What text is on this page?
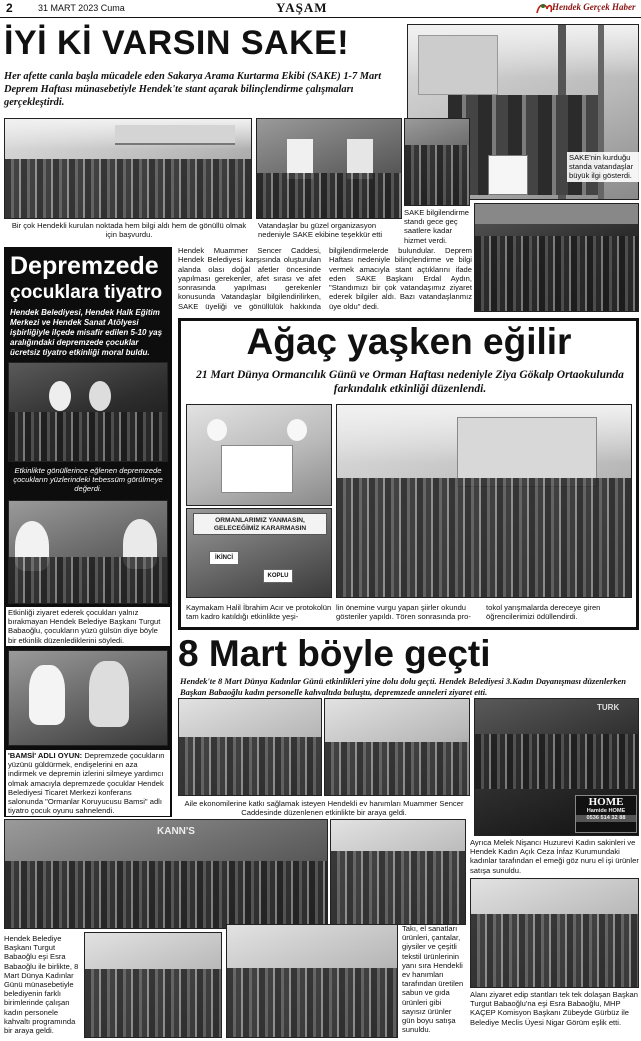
2	31 MART 2023 Cuma	YAŞAM	Hendek Gerçek Haber
İYİ Kİ VARSIN SAKE!
Her afette canla başla mücadele eden Sakarya Arama Kurtarma Ekibi (SAKE) 1-7 Mart Deprem Haftası münasebetiyle Hendek'te stant açarak bilinçlendirme çalışmaları gerçekleştirdi.
SAKE'nin kurduğu standa vatandaşlar büyük ilgi gösterdi.
Bir çok Hendekli kurulan noktada hem bilgi aldı hem de gönüllü olmak için başvurdu.
Vatandaşlar bu güzel organizasyon nedeniyle SAKE ekibine teşekkür etti
SAKE bilgilendirme standı gece geç saatlere kadar hizmet verdi.
Hendek Muammer Sencer Caddesi, Hendek Belediyesi karşısında oluşturulan alanda olası doğal afetler öncesinde yapılması gerekenler, afet sırası ve afet sonrasında yapılması gerekenler konusunda Vatandaşlar bilgilendirilirken, SAKE üyeliği ve gönüllülük hakkında bilgilendirmelerde bulundular. Deprem Haftası nedeniyle bilinçlendirme ve bilgi vermek amacıyla stant açtıklarını ifade eden SAKE Başkanı Erdal Aydın, "Standımızı bir çok vatandaşımız ziyaret ederek bilgiler aldı. Bazı vatandaşlanmız üye oldu" dedi.
Depremzede
çocuklara tiyatro
Hendek Belediyesi, Hendek Halk Eğitim Merkezi ve Hendek Sanat Atölyesi işbirliğiyle ilçede misafir edilen 5-10 yaş aralığındaki depremzede çocuklar ücretsiz tiyatro etkinliği moral buldu.
Etkinlikte gönüllerince eğlenen depremzede çocukların yüzlerindeki tebessüm görülmeye değerdi.
Etkinliği ziyaret ederek çocukları yalnız bırakmayan Hendek Belediye Başkanı Turgut Babaoğlu, çocukların yüzü gülsün diye böyle bir etkinlik düzenlediklerini söyledi.
'BAMSİ' ADLI OYUN: Depremzede çocukların yüzünü güldürmek, endişelerini en aza indirmek ve depremin izlerini silmeye yardımcı olmak amacıyla depremzede çocuklar Hendek Belediyesi Ticaret Merkezi konferans salonunda "Ormanlar Koruyucusu Bamsi" adlı tiyatro çocuk oyunu sahnelendi.
Ağaç yaşken eğilir
21 Mart Dünya Ormancılık Günü ve Orman Haftası nedeniyle Ziya Gökalp Ortaokulunda farkındalık etkinliği düzenlendi.
ORMANLARIMIZ YANMASIN, GELECEĞİMİZ KARARMASIN
İKİNCİ
KOPLU
Kaymakam Halil İbrahim Acır ve protokolün tam kadro katıldığı etkinlikte yeşi-
lin önemine vurgu yapan şiirler okundu gösteriler yapıldı. Tören sonrasında pro-
tokol yarışmalarda dereceye giren öğrencilerimizi ödüllendirdi.
8 Mart böyle geçti
Hendek'te 8 Mart Dünya Kadınlar Günü etkinlikleri yine dolu dolu geçti. Hendek Belediyesi 3.Kadın Dayanışması düzenlerken Başkan Babaoğlu kadın personelle kahvaltıda buluştu, depremzede anneleri ziyaret etti.
Aile ekonomilerine katkı sağlamak isteyen Hendekli ev hanımları Muammer Sencer Caddesinde düzenlenen etkinlikte bir araya geldi.
TURK
HOME
Hamide HOME
0536 514 32 88
Ayrıca Melek Nişancı Huzurevi Kadın sakinleri ve Hendek Kadın Açık Ceza İnfaz Kurumundaki kadınlar tarafından el emeği göz nuru el işi ürünler satışa sunuldu.
KANN'S
Hendek Belediye Başkanı Turgut Babaoğlu eşi Esra Babaoğlu ile birlikte, 8 Mart Dünya Kadınlar Günü münasebetiyle belediyenin farklı birimlerinde çalışan kadın personele kahvaltı programında bir araya geldi.
Takı, el sanatları ürünleri, çantalar, giysiler ve çeşitli tekstil ürünlerinin yanı sıra Hendekli ev hanımları tarafından üretilen sabun ve gıda ürünleri gibi sayısız ürünler gün boyu satışa sunuldu.
Alanı ziyaret edip stantları tek tek dolaşan Başkan Turgut Babaoğlu'na eşi Esra Babaoğlu, MHP KAÇEP Komisyon Başkanı Zübeyde Gürbüz ile Belediye Meclis Üyesi Nigar Görüm eşlik etti.
